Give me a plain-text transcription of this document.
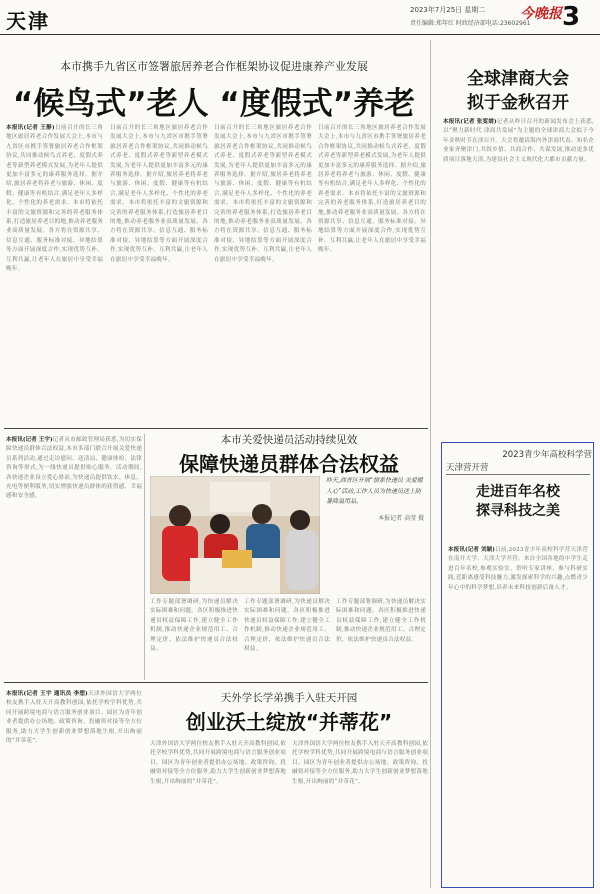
天津	2023年7月25日 星期二
责任编辑:郑年红 时政经济部电话:23602961
今晚报 3
本市携手九省区市签署旅居养老合作框架协议促进康养产业发展
“候鸟式”老人 “度假式”养老
本报讯(记者 王静)日前召开的长三角地区旅居养老合作发展大会上,本市与九省区市携手签署旅居养老合作框架协议,共同推动候鸟式养老、度假式养老等新型养老模式发展,为老年人提供更加丰富多元的康养服务选择。据介绍,旅居养老将养老与旅游、休闲、度假、健康等有机结合,满足老年人多样化、个性化的养老需求。本市将依托丰富的文旅资源和完善的养老服务体系,打造旅居养老目的地,推动养老服务业高质量发展。各方将在资源共享、信息互通、服务标准对接、异地结算等方面开展深度合作,实现优势互补、互利共赢,让老年人在旅居中享受幸福晚年。
日前召开的长三角地区旅居养老合作发展大会上,本市与九省区市携手签署旅居养老合作框架协议,共同推动候鸟式养老、度假式养老等新型养老模式发展,为老年人提供更加丰富多元的康养服务选择。据介绍,旅居养老将养老与旅游、休闲、度假、健康等有机结合,满足老年人多样化、个性化的养老需求。本市将依托丰富的文旅资源和完善的养老服务体系,打造旅居养老目的地,推动养老服务业高质量发展。各方将在资源共享、信息互通、服务标准对接、异地结算等方面开展深度合作,实现优势互补、互利共赢,让老年人在旅居中享受幸福晚年。
日前召开的长三角地区旅居养老合作发展大会上,本市与九省区市携手签署旅居养老合作框架协议,共同推动候鸟式养老、度假式养老等新型养老模式发展,为老年人提供更加丰富多元的康养服务选择。据介绍,旅居养老将养老与旅游、休闲、度假、健康等有机结合,满足老年人多样化、个性化的养老需求。本市将依托丰富的文旅资源和完善的养老服务体系,打造旅居养老目的地,推动养老服务业高质量发展。各方将在资源共享、信息互通、服务标准对接、异地结算等方面开展深度合作,实现优势互补、互利共赢,让老年人在旅居中享受幸福晚年。
日前召开的长三角地区旅居养老合作发展大会上,本市与九省区市携手签署旅居养老合作框架协议,共同推动候鸟式养老、度假式养老等新型养老模式发展,为老年人提供更加丰富多元的康养服务选择。据介绍,旅居养老将养老与旅游、休闲、度假、健康等有机结合,满足老年人多样化、个性化的养老需求。本市将依托丰富的文旅资源和完善的养老服务体系,打造旅居养老目的地,推动养老服务业高质量发展。各方将在资源共享、信息互通、服务标准对接、异地结算等方面开展深度合作,实现优势互补、互利共赢,让老年人在旅居中享受幸福晚年。
本报讯(记者 王宇)记者从市邮政管理局获悉,为切实保障快递员群体合法权益,本市多部门联合开展关爱快递员系列活动,通过走访慰问、送清凉、健康体检、法律咨询等形式,为一线快递员提供贴心服务。活动期间,各快递企业设立爱心驿站,为快递员提供饮水、休息、充电等便利服务,切实增强快递员群体的获得感、幸福感和安全感。
本市关爱快递员活动持续见效
保障快递员群体合法权益
昨天,西青区开展“情系快递员 关爱暖人心”活动,工作人员为快递员送上防暑降温用品。
本报记者 高莹 摄
工作专题部署调研,为快递员解决实际困难和问题。各区积极推进快递员权益保障工作,建立健全工作机制,推动快递企业规范用工、合理定价、依法维护快递员合法权益。
工作专题部署调研,为快递员解决实际困难和问题。各区积极推进快递员权益保障工作,建立健全工作机制,推动快递企业规范用工、合理定价、依法维护快递员合法权益。
工作专题部署调研,为快递员解决实际困难和问题。各区积极推进快递员权益保障工作,建立健全工作机制,推动快递企业规范用工、合理定价、依法维护快递员合法权益。
本报讯(记者 王宇 通讯员 李想)天津外国语大学两位校友携手入驻天开高教科创园,依托学校学科优势,共同开展跨境电商与语言服务创业项目。园区为青年创业者提供办公场地、政策咨询、投融资对接等全方位服务,助力大学生创新创业梦想落地生根,开出绚丽的“并蒂花”。
天外学长学弟携手入驻天开园
创业沃土绽放“并蒂花”
天津外国语大学两位校友携手入驻天开高教科创园,依托学校学科优势,共同开展跨境电商与语言服务创业项目。园区为青年创业者提供办公场地、政策咨询、投融资对接等全方位服务,助力大学生创新创业梦想落地生根,开出绚丽的“并蒂花”。
天津外国语大学两位校友携手入驻天开高教科创园,依托学校学科优势,共同开展跨境电商与语言服务创业项目。园区为青年创业者提供办公场地、政策咨询、投融资对接等全方位服务,助力大学生创新创业梦想落地生根,开出绚丽的“并蒂花”。
全球津商大会
拟于金秋召开
本报讯(记者 张雯婧)记者从昨日召开的新闻发布会上获悉,以“聚力新时代 津商共发展”为主题的全球津商大会拟于今年金秋时节在津召开。大会将邀请海内外津商代表、知名企业家齐聚津门,共叙乡情、共商合作、共谋发展,推动更多优质项目落地天津,为建设社会主义现代化大都市贡献力量。
2023青少年高校科学营
天津营开营
走进百年名校
探寻科技之美
本报讯(记者 刘颖)日前,2023青少年高校科学营天津营在南开大学、天津大学开营。来自全国各地的中学生走进百年名校,参观实验室、聆听专家讲座、参与科研实践,近距离感受科技魅力,激发探索科学的兴趣,点燃青少年心中的科学梦想,培养未来科技创新后备人才。
